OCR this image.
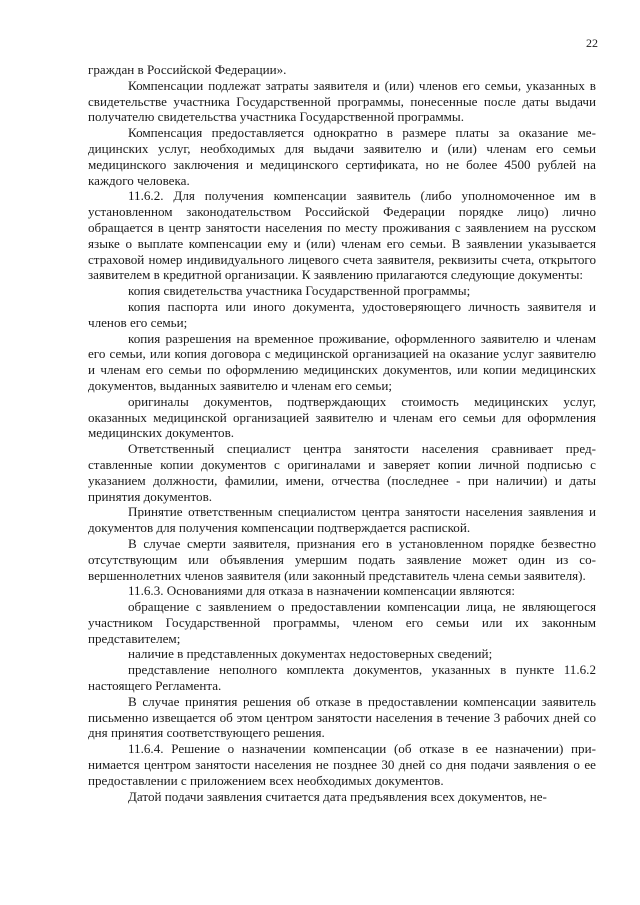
22

граждан в Российской Федерации».

Компенсации подлежат затраты заявителя и (или) членов его семьи, указанных в свидетельстве участника Государственной программы, понесенные после даты выдачи получателю свидетельства участника Государственной программы.

Компенсация предоставляется однократно в размере платы за оказание медицинских услуг, необходимых для выдачи заявителю и (или) членам его семьи медицинского заключения и медицинского сертификата, но не более 4500 рублей на каждого человека.

11.6.2. Для получения компенсации заявитель (либо уполномоченное им в установленном законодательством Российской Федерации порядке лицо) лично обращается в центр занятости населения по месту проживания с заявлением на русском языке о выплате компенсации ему и (или) членам его семьи. В заявлении указывается страховой номер индивидуального лицевого счета заявителя, реквизиты счета, открытого заявителем в кредитной организации. К заявлению прилагаются следующие документы:

копия свидетельства участника Государственной программы;

копия паспорта или иного документа, удостоверяющего личность заявителя и членов его семьи;

копия разрешения на временное проживание, оформленного заявителю и членам его семьи, или копия договора с медицинской организацией на оказание услуг заявителю и членам его семьи по оформлению медицинских документов, или копии медицинских документов, выданных заявителю и членам его семьи;

оригиналы документов, подтверждающих стоимость медицинских услуг, оказанных медицинской организацией заявителю и членам его семьи для оформления медицинских документов.

Ответственный специалист центра занятости населения сравнивает представленные копии документов с оригиналами и заверяет копии личной подписью с указанием должности, фамилии, имени, отчества (последнее - при наличии) и даты принятия документов.

Принятие ответственным специалистом центра занятости населения заявления и документов для получения компенсации подтверждается распиской.

В случае смерти заявителя, признания его в установленном порядке безвестно отсутствующим или объявления умершим подать заявление может один из совершеннолетних членов заявителя (или законный представитель члена семьи заявителя).

11.6.3. Основаниями для отказа в назначении компенсации являются:

обращение с заявлением о предоставлении компенсации лица, не являющегося участником Государственной программы, членом его семьи или их законным представителем;

наличие в представленных документах недостоверных сведений;

представление неполного комплекта документов, указанных в пункте 11.6.2 настоящего Регламента.

В случае принятия решения об отказе в предоставлении компенсации заявитель письменно извещается об этом центром занятости населения в течение 3 рабочих дней со дня принятия соответствующего решения.

11.6.4. Решение о назначении компенсации (об отказе в ее назначении) принимается центром занятости населения не позднее 30 дней со дня подачи заявления о ее предоставлении с приложением всех необходимых документов.

Датой подачи заявления считается дата предъявления всех документов, не-
